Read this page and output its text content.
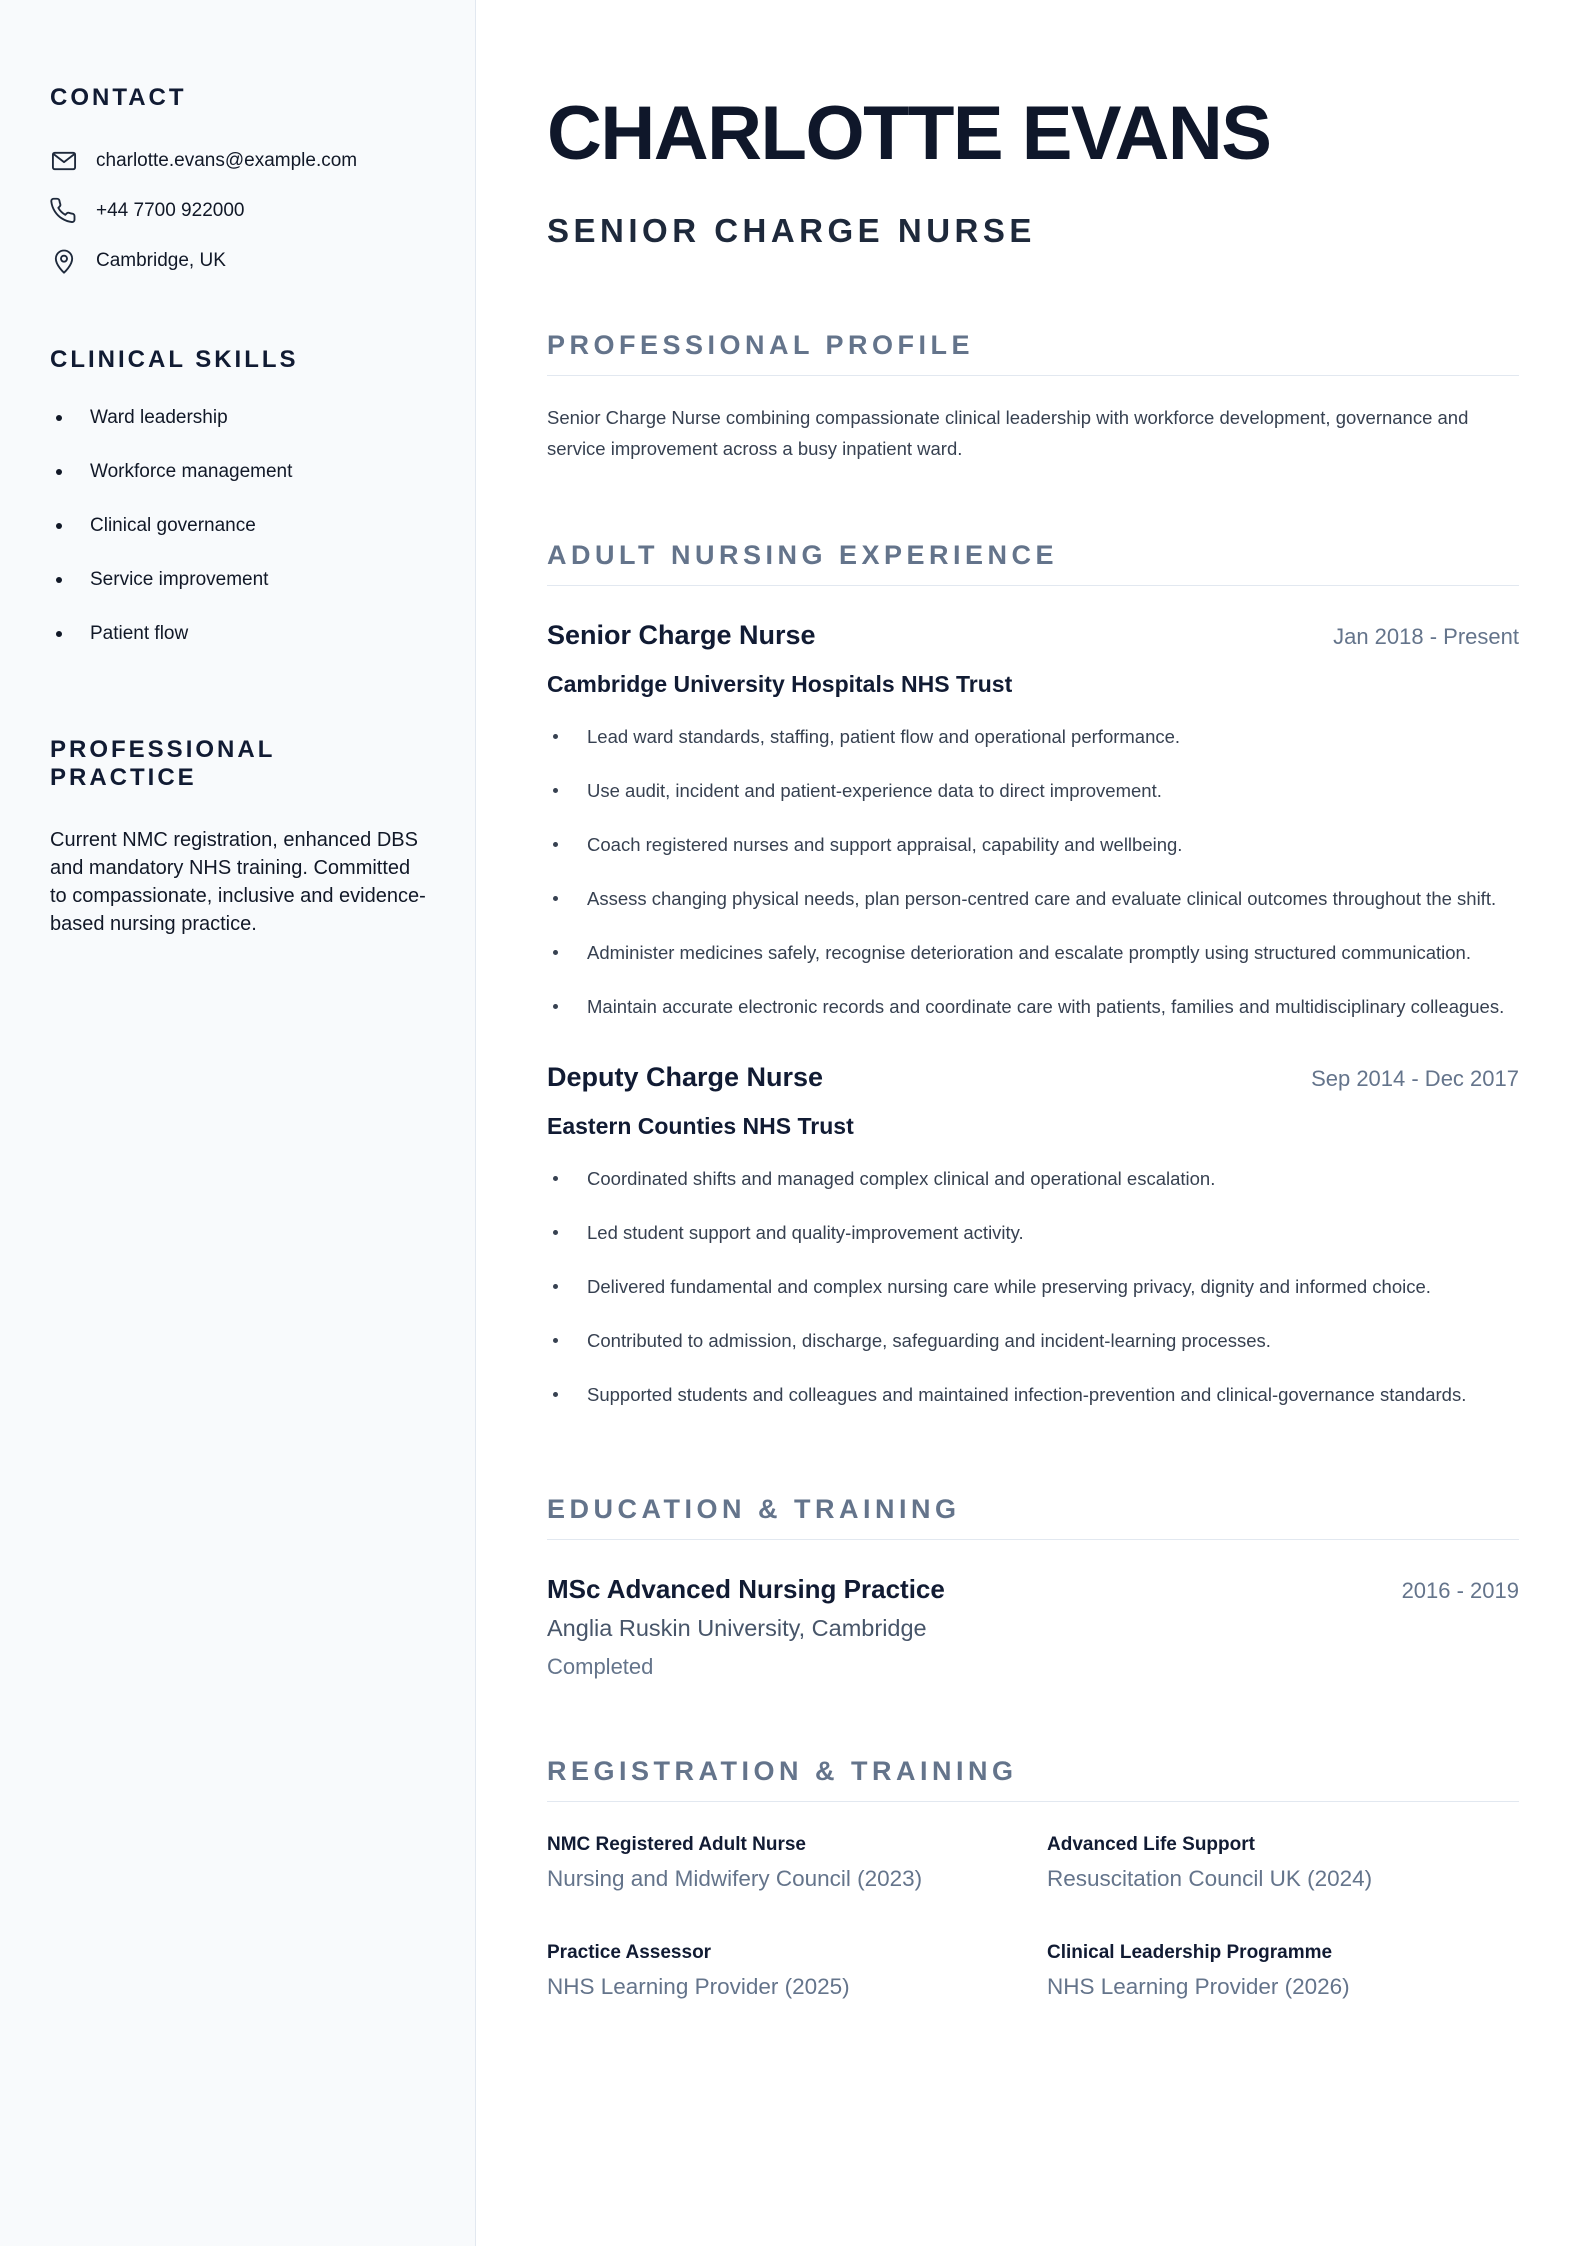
CONTACT
charlotte.evans@example.com
+44 7700 922000
Cambridge, UK
CLINICAL SKILLS
Ward leadership
Workforce management
Clinical governance
Service improvement
Patient flow
PROFESSIONAL PRACTICE

Current NMC registration, enhanced DBS and mandatory NHS training. Committed to compassionate, inclusive and evidence-based nursing practice.

CHARLOTTE EVANS
SENIOR CHARGE NURSE
PROFESSIONAL PROFILE

Senior Charge Nurse combining compassionate clinical leadership with workforce development, governance and service improvement across a busy inpatient ward.

ADULT NURSING EXPERIENCE
Senior Charge Nurse	Jan 2018 - Present
Cambridge University Hospitals NHS Trust
Lead ward standards, staffing, patient flow and operational performance.
Use audit, incident and patient-experience data to direct improvement.
Coach registered nurses and support appraisal, capability and wellbeing.
Assess changing physical needs, plan person-centred care and evaluate clinical outcomes throughout the shift.
Administer medicines safely, recognise deterioration and escalate promptly using structured communication.
Maintain accurate electronic records and coordinate care with patients, families and multidisciplinary colleagues.
Deputy Charge Nurse	Sep 2014 - Dec 2017
Eastern Counties NHS Trust
Coordinated shifts and managed complex clinical and operational escalation.
Led student support and quality-improvement activity.
Delivered fundamental and complex nursing care while preserving privacy, dignity and informed choice.
Contributed to admission, discharge, safeguarding and incident-learning processes.
Supported students and colleagues and maintained infection-prevention and clinical-governance standards.
EDUCATION & TRAINING
MSc Advanced Nursing Practice	2016 - 2019
Anglia Ruskin University, Cambridge
Completed
REGISTRATION & TRAINING
NMC Registered Adult Nurse
Nursing and Midwifery Council (2023)
Advanced Life Support
Resuscitation Council UK (2024)
Practice Assessor
NHS Learning Provider (2025)
Clinical Leadership Programme
NHS Learning Provider (2026)
